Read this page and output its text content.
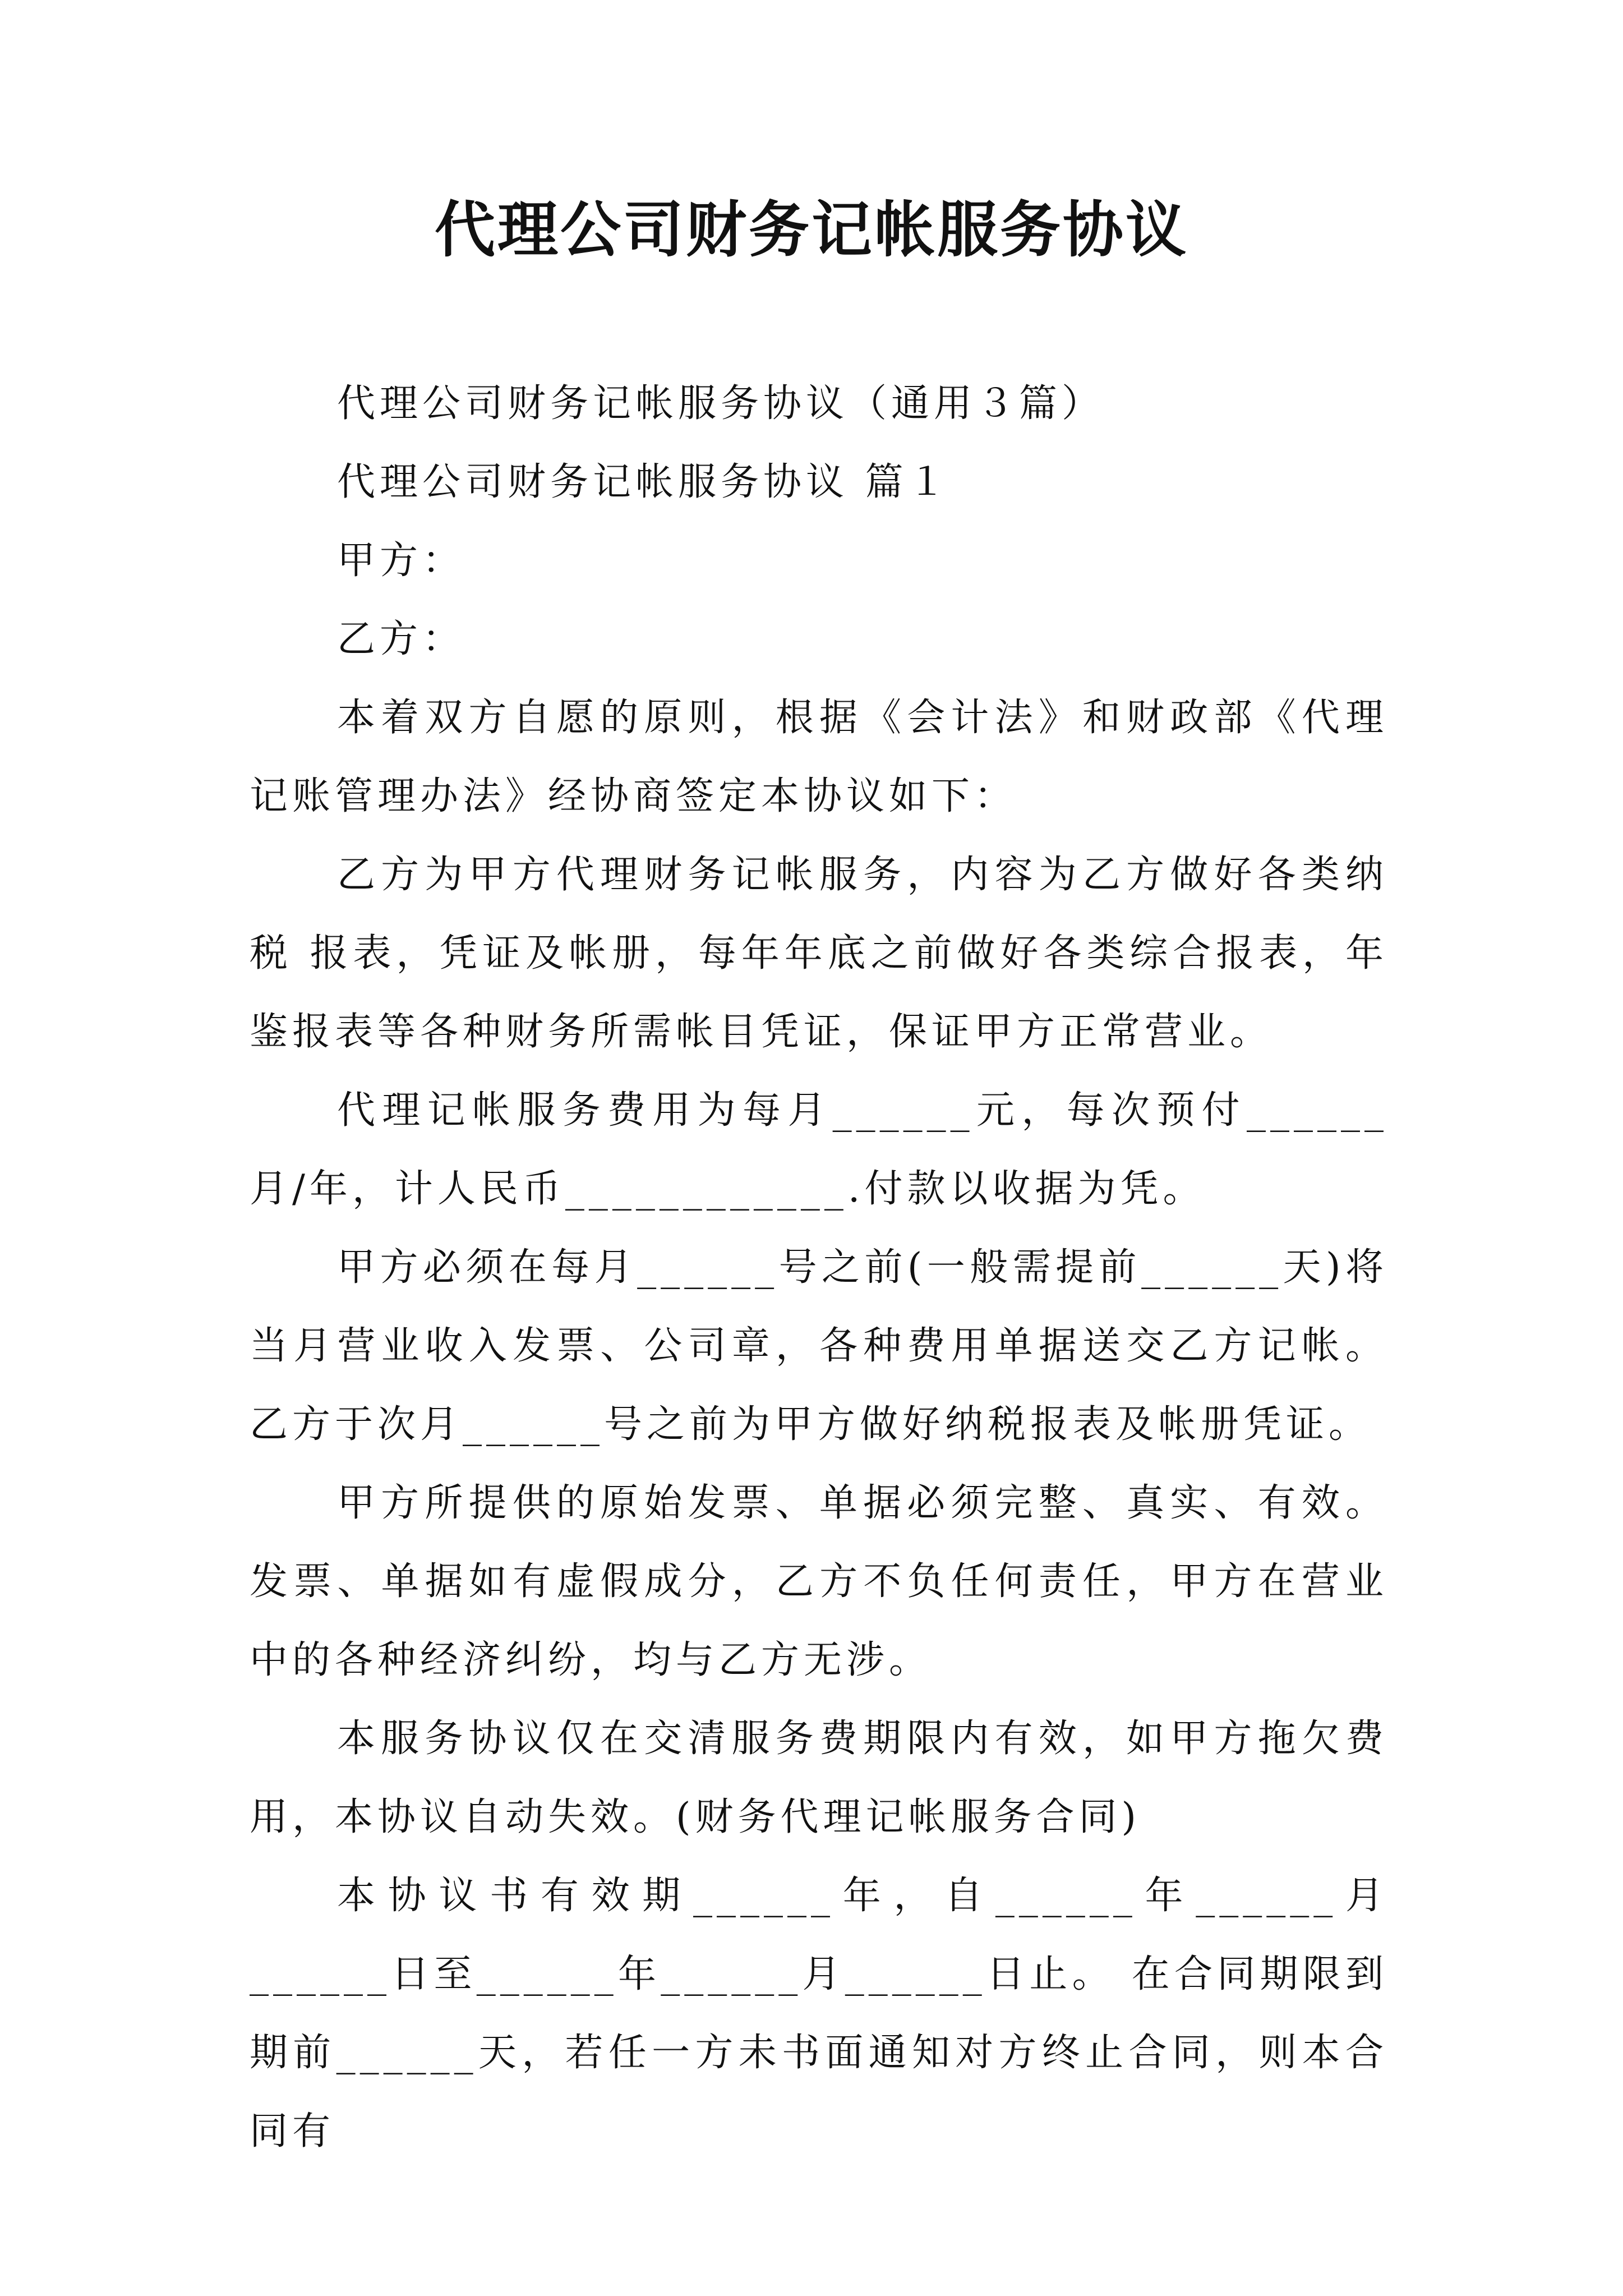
代理公司财务记帐服务协议

代理公司财务记帐服务协议（通用３篇）

代理公司财务记帐服务协议 篇１

甲方：

乙方：

本着双方自愿的原则，根据《会计法》和财政部《代理记账管理办法》经协商签定本协议如下：

乙方为甲方代理财务记帐服务，内容为乙方做好各类纳税 报表，凭证及帐册，每年年底之前做好各类综合报表，年鉴报表等各种财务所需帐目凭证，保证甲方正常营业。

代理记帐服务费用为每月______元，每次预付______月/年，计人民币____________.付款以收据为凭。

甲方必须在每月______号之前(一般需提前______天)将当月营业收入发票、公司章，各种费用单据送交乙方记帐。乙方于次月______号之前为甲方做好纳税报表及帐册凭证。

甲方所提供的原始发票、单据必须完整、真实、有效。发票、单据如有虚假成分，乙方不负任何责任，甲方在营业中的各种经济纠纷，均与乙方无涉。

本服务协议仅在交清服务费期限内有效，如甲方拖欠费用，本协议自动失效。(财务代理记帐服务合同)

本协议书有效期______年，自______年______月______日至______年______月______日止。 在合同期限到期前______天，若任一方未书面通知对方终止合同，则本合同有
